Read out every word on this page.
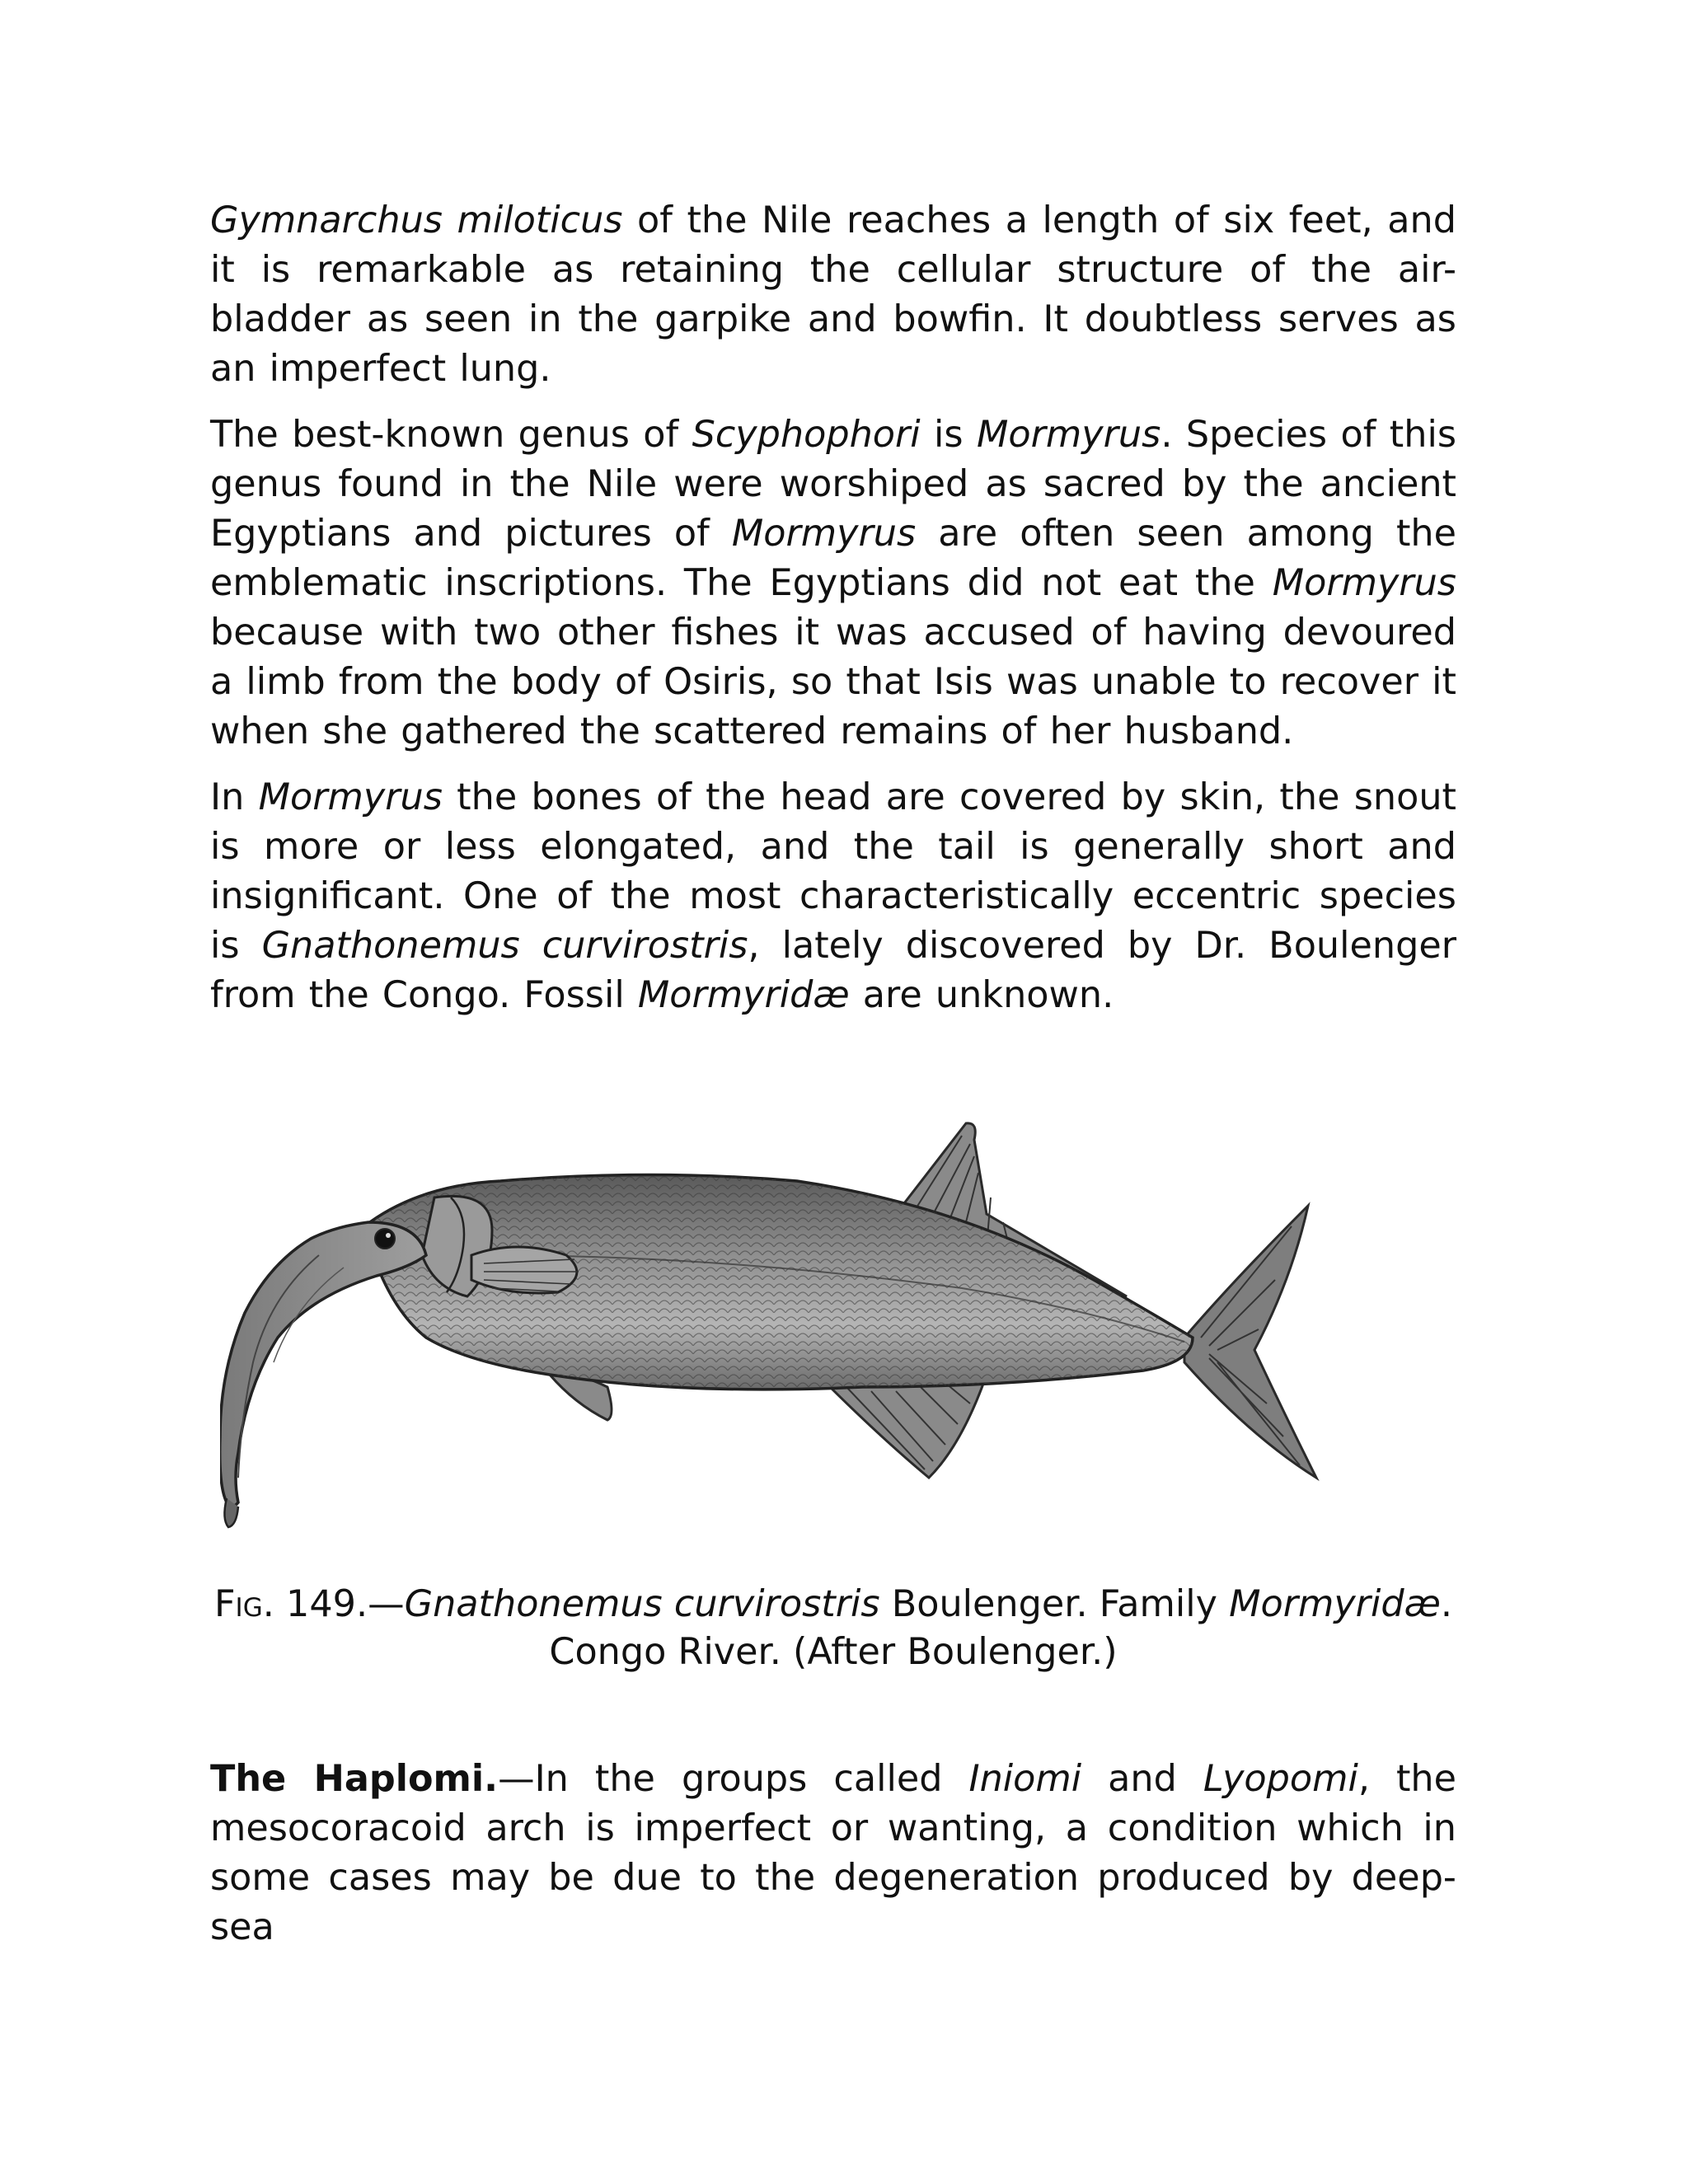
Gymnarchus miloticus of the Nile reaches a length of six feet, and it is remarkable as retaining the cellular structure of the air-bladder as seen in the garpike and bowfin. It doubtless serves as an imperfect lung.

The best-known genus of Scyphophori is Mormyrus. Species of this genus found in the Nile were worshiped as sacred by the ancient Egyptians and pictures of Mormyrus are often seen among the emblematic inscriptions. The Egyptians did not eat the Mormyrus because with two other fishes it was accused of having devoured a limb from the body of Osiris, so that Isis was unable to recover it when she gathered the scattered remains of her husband.

In Mormyrus the bones of the head are covered by skin, the snout is more or less elongated, and the tail is generally short and insignificant. One of the most characteristically eccentric species is Gnathonemus curvirostris, lately discovered by Dr. Boulenger from the Congo. Fossil Mormyridæ are unknown.

Fig. 149.—Gnathonemus curvirostris Boulenger. Family Mormyridæ.
Congo River. (After Boulenger.)

The Haplomi.—In the groups called Iniomi and Lyopomi, the mesocoracoid arch is imperfect or wanting, a condition which in some cases may be due to the degeneration produced by deep-sea
